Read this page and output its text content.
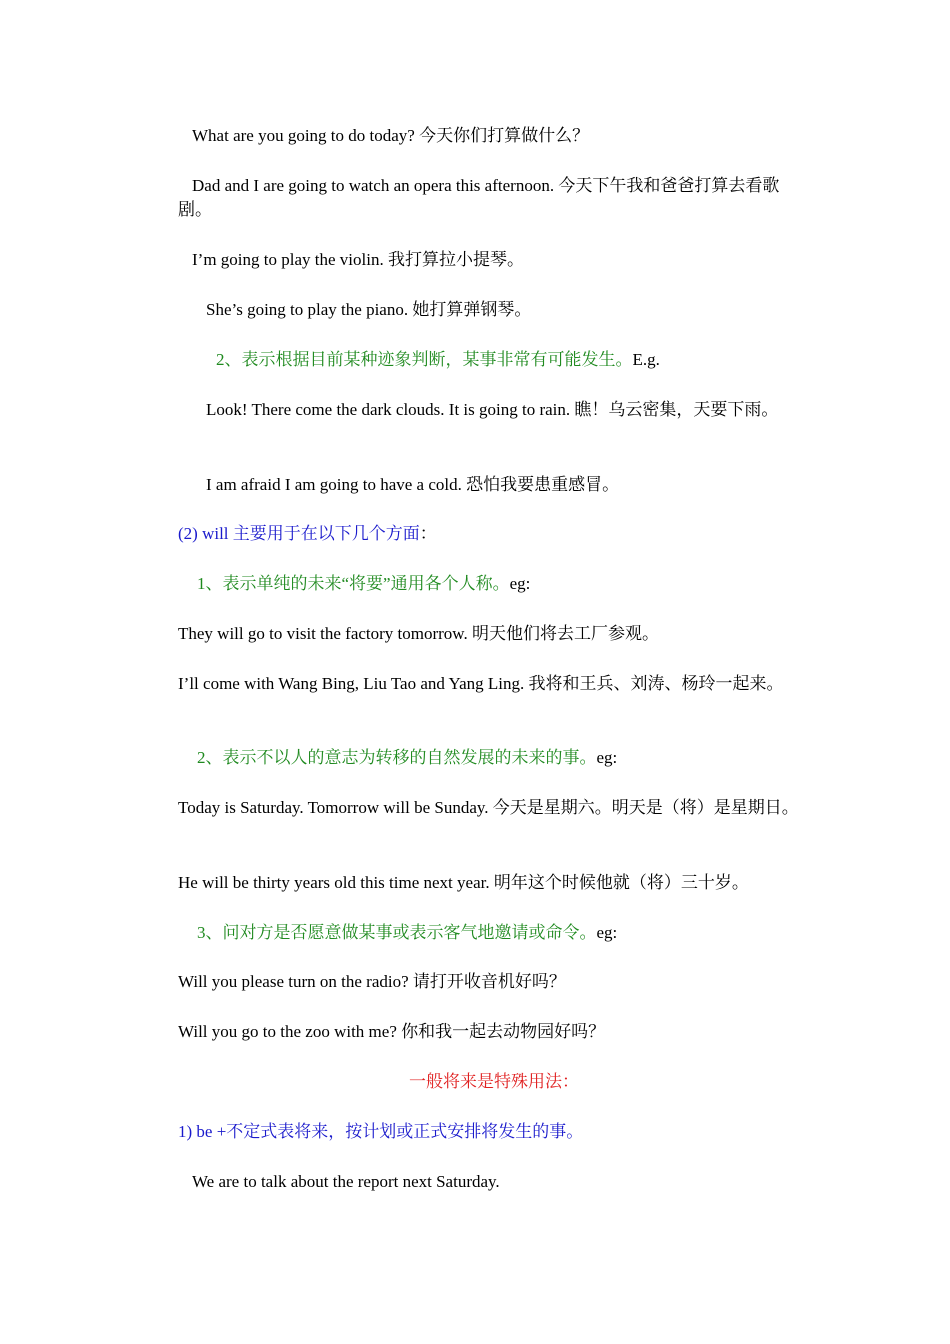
What are you going to do today? 今天你们打算做什么？

Dad and I are going to watch an opera this afternoon. 今天下午我和爸爸打算去看歌剧。

I’m going to play the violin. 我打算拉小提琴。

She’s going to play the piano. 她打算弹钢琴。

2、表示根据目前某种迹象判断，某事非常有可能发生。E.g.

Look! There come the dark clouds. It is going to rain. 瞧！乌云密集，天要下雨。

I am afraid I am going to have a cold. 恐怕我要患重感冒。

(2) will 主要用于在以下几个方面：

1、表示单纯的未来“将要”通用各个人称。eg:

They will go to visit the factory tomorrow. 明天他们将去工厂参观。

I’ll come with Wang Bing, Liu Tao and Yang Ling. 我将和王兵、刘涛、杨玲一起来。

2、表示不以人的意志为转移的自然发展的未来的事。eg:

Today is Saturday. Tomorrow will be Sunday. 今天是星期六。明天是（将）是星期日。

He will be thirty years old this time next year. 明年这个时候他就（将）三十岁。

3、问对方是否愿意做某事或表示客气地邀请或命令。eg:

Will you please turn on the radio? 请打开收音机好吗？

Will you go to the zoo with me? 你和我一起去动物园好吗？

一般将来是特殊用法：

1) be +不定式表将来，按计划或正式安排将发生的事。

We are to talk about the report next Saturday.
